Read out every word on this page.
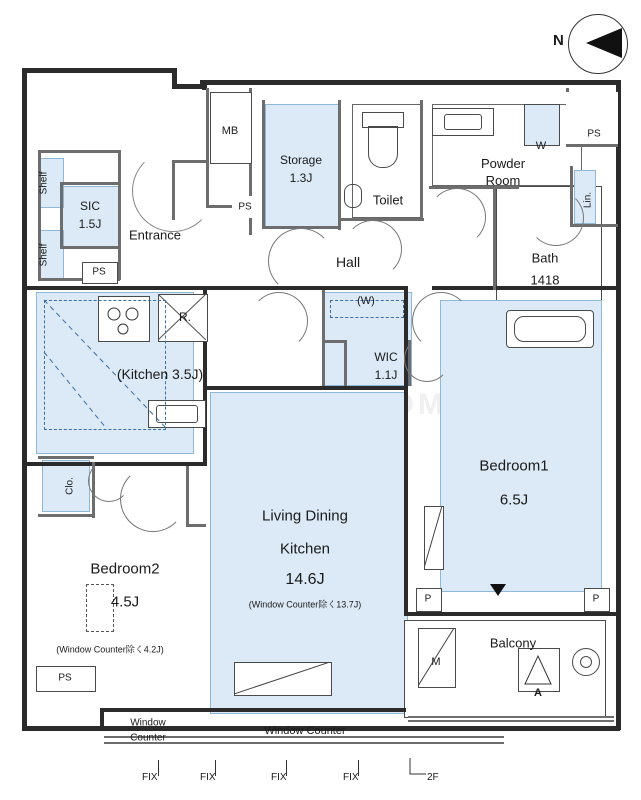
N
Storage
1.3J
Toilet
Powder
Room
Bath
1418
Hall
Entrance
SIC
1.5J
(Kitchen 3.5J)
WIC
1.1J
Bedroom1
6.5J
Bedroom2
4.5J
(Window Counter除く4.2J)
Living Dining
Kitchen
14.6J
(Window Counter除く13.7J)
Balcony
MB	PS
PS
PS
PS
P	P
Shelf
Shelf
Lin.
Clo.
R.
W
(W)
M
A
Window
Counter
Window Counter
FIX	FIX	FIX	FIX	2F
